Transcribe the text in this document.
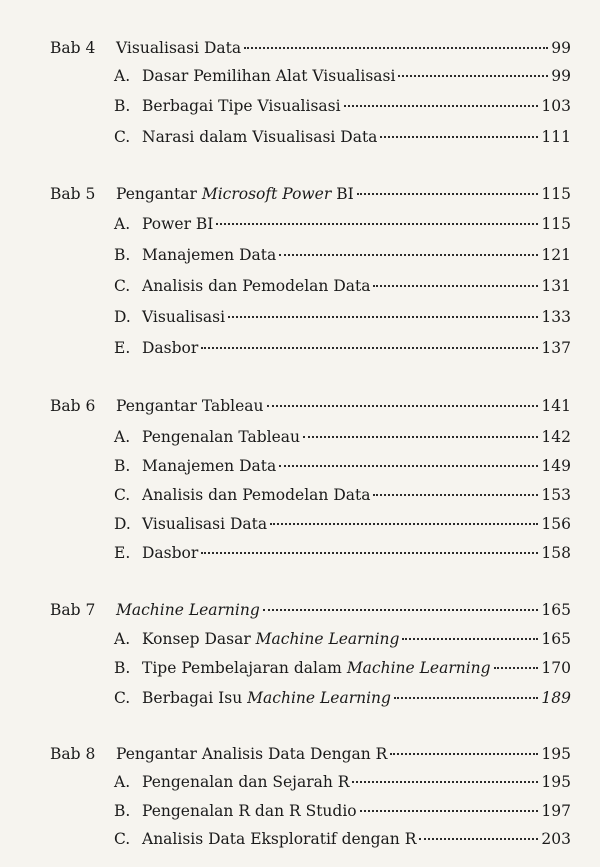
Bab 4	Visualisasi Data	99
A. Dasar Pemilihan Alat Visualisasi	99
B. Berbagai Tipe Visualisasi	103
C. Narasi dalam Visualisasi Data	111
Bab 5	Pengantar Microsoft Power BI	115
A. Power BI	115
B. Manajemen Data	121
C. Analisis dan Pemodelan Data	131
D. Visualisasi	133
E. Dasbor	137
Bab 6	Pengantar Tableau	141
A. Pengenalan Tableau	142
B. Manajemen Data	149
C. Analisis dan Pemodelan Data	153
D. Visualisasi Data	156
E. Dasbor	158
Bab 7	Machine Learning	165
A. Konsep Dasar Machine Learning	165
B. Tipe Pembelajaran dalam Machine Learning	170
C. Berbagai Isu Machine Learning	189
Bab 8	Pengantar Analisis Data Dengan R	195
A. Pengenalan dan Sejarah R	195
B. Pengenalan R dan R Studio	197
C. Analisis Data Eksploratif dengan R	203
